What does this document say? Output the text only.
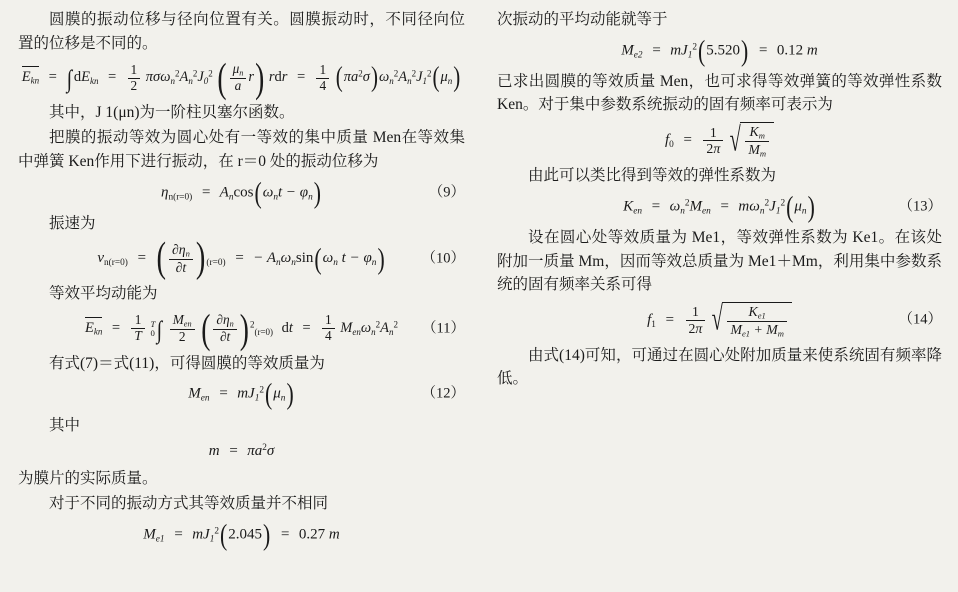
圆膜的振动位移与径向位置有关。圆膜振动时，不同径向位置的位移是不同的。

$E_{kn}$ = ∫ $dE_{kn} = \frac{1}{2} \pi\sigma\omega_n^2A_n^2J_0^2$ ( $\frac{\mu_n}{a} r$) rdr = $\frac{1}{4} (\pi a^2\sigma)\omega_n^2A_n^2J_1^2(\mu_n)$

其中，J 1(μn)为一阶柱贝塞尔函数。

把膜的振动等效为圆心处有一等效的集中质量 Men在等效集中弹簧 Ken作用下进行振动，在 r＝0 处的振动位移为

$\eta n(r=0) = A_n\cos(\omega_nt - \varphi_n)$	（9）

振速为

vn(r=0) = ( $\frac{\partial\eta_n}{\partial t} )(r=0)$ = − $A_n\omega_n\sin(\omega_n$ $t - \varphi_n$)	（10）

等效平均动能为

$E_{kn} = \frac{1}{T}$
T
0 ∫ $\frac{M_{en}}{2}$ ( $\frac{\partial\eta_n}{\partial t} )^2(r=0)$ dt = $\frac{1}{4} M_{en}\omega_n^2A_n^2$ （11）

有式(7)＝式(11)，可得圆膜的等效质量为

$M_{en} = mJ_1^2(\mu_n)$	（12）

其中

$m = \pi a^2\sigma$

为膜片的实际质量。

对于不同的振动方式其等效质量并不相同

$M_{e1} = mJ_1^2(2.045) = 0.27$ m

次振动的平均动能就等于

$M_{e2} = mJ_1^2(5.520) = 0.12$ m

已求出圆膜的等效质量 Men，也可求得等效弹簧的等效弹性系数 Ken。对于集中参数系统振动的固有频率可表示为

$f0 = \frac{1}{2\pi}$ √ $\frac{K_m}{M_m}$

由此可以类比得到等效的弹性系数为

$K_{en} = \omega_n^2M_{en} = m\omega_n^2J_1^2(\mu_n)$	（13）

设在圆心处等效质量为 Me1，等效弹性系数为 Ke1。在该处附加一质量 Mm，因而等效总质量为 Me1＋Mm，利用集中参数系统的固有频率关系可得

$f1 = \frac{1}{2\pi}$ √ $\frac{K_{e1}}{M_{e1} + M_m}$	（14）

由式(14)可知，可通过在圆心处附加质量来使系统固有频率降低。
